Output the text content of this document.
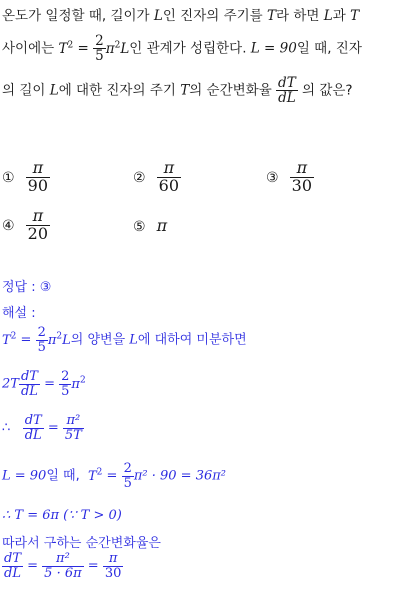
온도가 일정할 때, 길이가 L인 진자의 주기를 T라 하면 L과 T
사이에는 $T^2 = \frac{2}{5} \pi^2L$인 관계가 성립한다. L = 90일 때, 진자
의 길이 L에 대한 진자의 주기 T의 순간변화율 $\frac{dT}{dL}$ 의 값은?
① $\frac{\pi}{90}$	② $\frac{\pi}{60}$	③ $\frac{\pi}{30}$
④ $\frac{\pi}{20}$	⑤ π
정답 : ③
해설 :
$T^2 = \frac{2}{5} \pi^2L$의 양변을 L에 대하여 미분하면
$2T \frac{dT}{dL} = \frac{2}{5} \pi^2$
∴ $\frac{dT}{dL} = \frac{\text{π²}}{5T}$
L = 90일 때,  $T^2 = \frac{2}{5} \pi^2 \cdot 90 = 36\pi^2$
∴ T = 6π (∵ T > 0)
따라서 구하는 순간변화율은
$\frac{dT}{dL} = \frac{\text{π²}}{5 \cdot 6\pi} = \frac{\pi}{30}$
